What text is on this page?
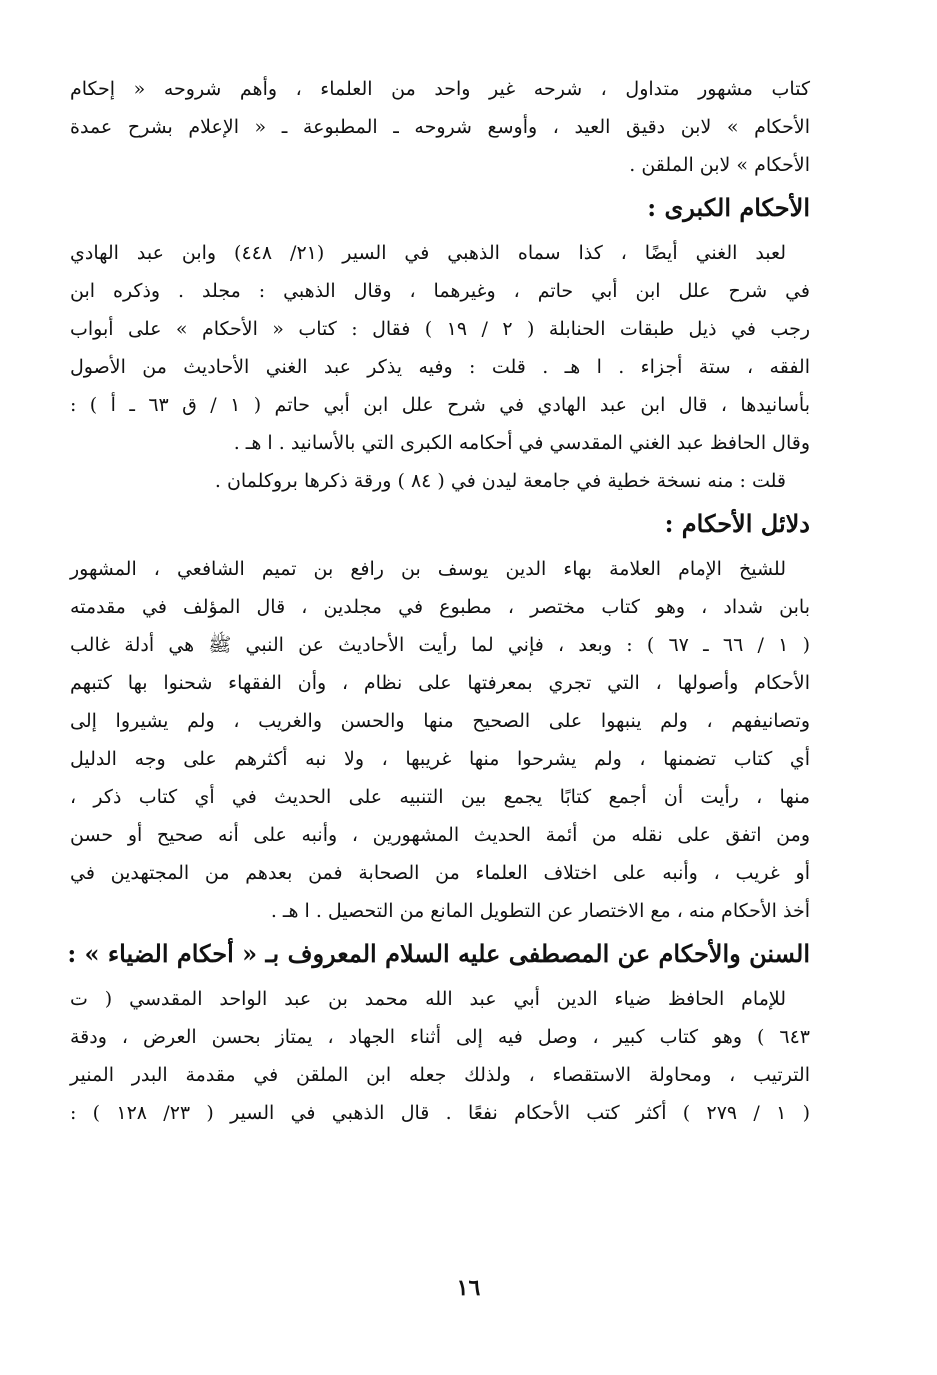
كتاب مشهور متداول ، شرحه غير واحد من العلماء ، وأهم شروحه « إحكام

الأحكام » لابن دقيق العيد ، وأوسع شروحه ـ المطبوعة ـ « الإعلام بشرح عمدة

الأحكام » لابن الملقن .

الأحكام الكبرى :

لعبد الغني أيضًا ، كذا سماه الذهبي في السير (٢١/ ٤٤٨) وابن عبد الهادي

في شرح علل ابن أبي حاتم ، وغيرهما ، وقال الذهبي : مجلد . وذكره ابن

رجب في ذيل طبقات الحنابلة ( ٢ / ١٩ ) فقال : كتاب « الأحكام » على أبواب

الفقه ، ستة أجزاء . ا هـ . قلت : وفيه يذكر عبد الغني الأحاديث من الأصول

بأسانيدها ، قال ابن عبد الهادي في شرح علل ابن أبي حاتم ( ١ / ق ٦٣ ـ أ ) :

وقال الحافظ عبد الغني المقدسي في أحكامه الكبرى التي بالأسانيد . ا هـ .

قلت : منه نسخة خطية في جامعة ليدن في ( ٨٤ ) ورقة ذكرها بروكلمان .

دلائل الأحكام :

للشيخ الإمام العلامة بهاء الدين يوسف بن رافع بن تميم الشافعي ، المشهور

بابن شداد ، وهو كتاب مختصر ، مطبوع في مجلدين ، قال المؤلف في مقدمته

( ١ / ٦٦ ـ ٦٧ ) : وبعد ، فإني لما رأيت الأحاديث عن النبي ﷺ هي أدلة غالب

الأحكام وأصولها ، التي تجري بمعرفتها على نظام ، وأن الفقهاء شحنوا بها كتبهم

وتصانيفهم ، ولم ينبهوا على الصحيح منها والحسن والغريب ، ولم يشيروا إلى

أي كتاب تضمنها ، ولم يشرحوا منها غريبها ، ولا نبه أكثرهم على وجه الدليل

منها ، رأيت أن أجمع كتابًا يجمع بين التنبيه على الحديث في أي كتاب ذكر ،

ومن اتفق على نقله من أئمة الحديث المشهورين ، وأنبه على أنه صحيح أو حسن

أو غريب ، وأنبه على اختلاف العلماء من الصحابة فمن بعدهم من المجتهدين في

أخذ الأحكام منه ، مع الاختصار عن التطويل المانع من التحصيل . ا هـ .

السنن والأحكام عن المصطفى عليه السلام المعروف بـ « أحكام الضياء » :

للإمام الحافظ ضياء الدين أبي عبد الله محمد بن عبد الواحد المقدسي ( ت

٦٤٣ ) وهو كتاب كبير ، وصل فيه إلى أثناء الجهاد ، يمتاز بحسن العرض ، ودقة

الترتيب ، ومحاولة الاستقصاء ، ولذلك جعله ابن الملقن في مقدمة البدر المنير

( ١ / ٢٧٩ ) أكثر كتب الأحكام نفعًا . قال الذهبي في السير ( ٢٣/ ١٢٨ ) :

١٦
